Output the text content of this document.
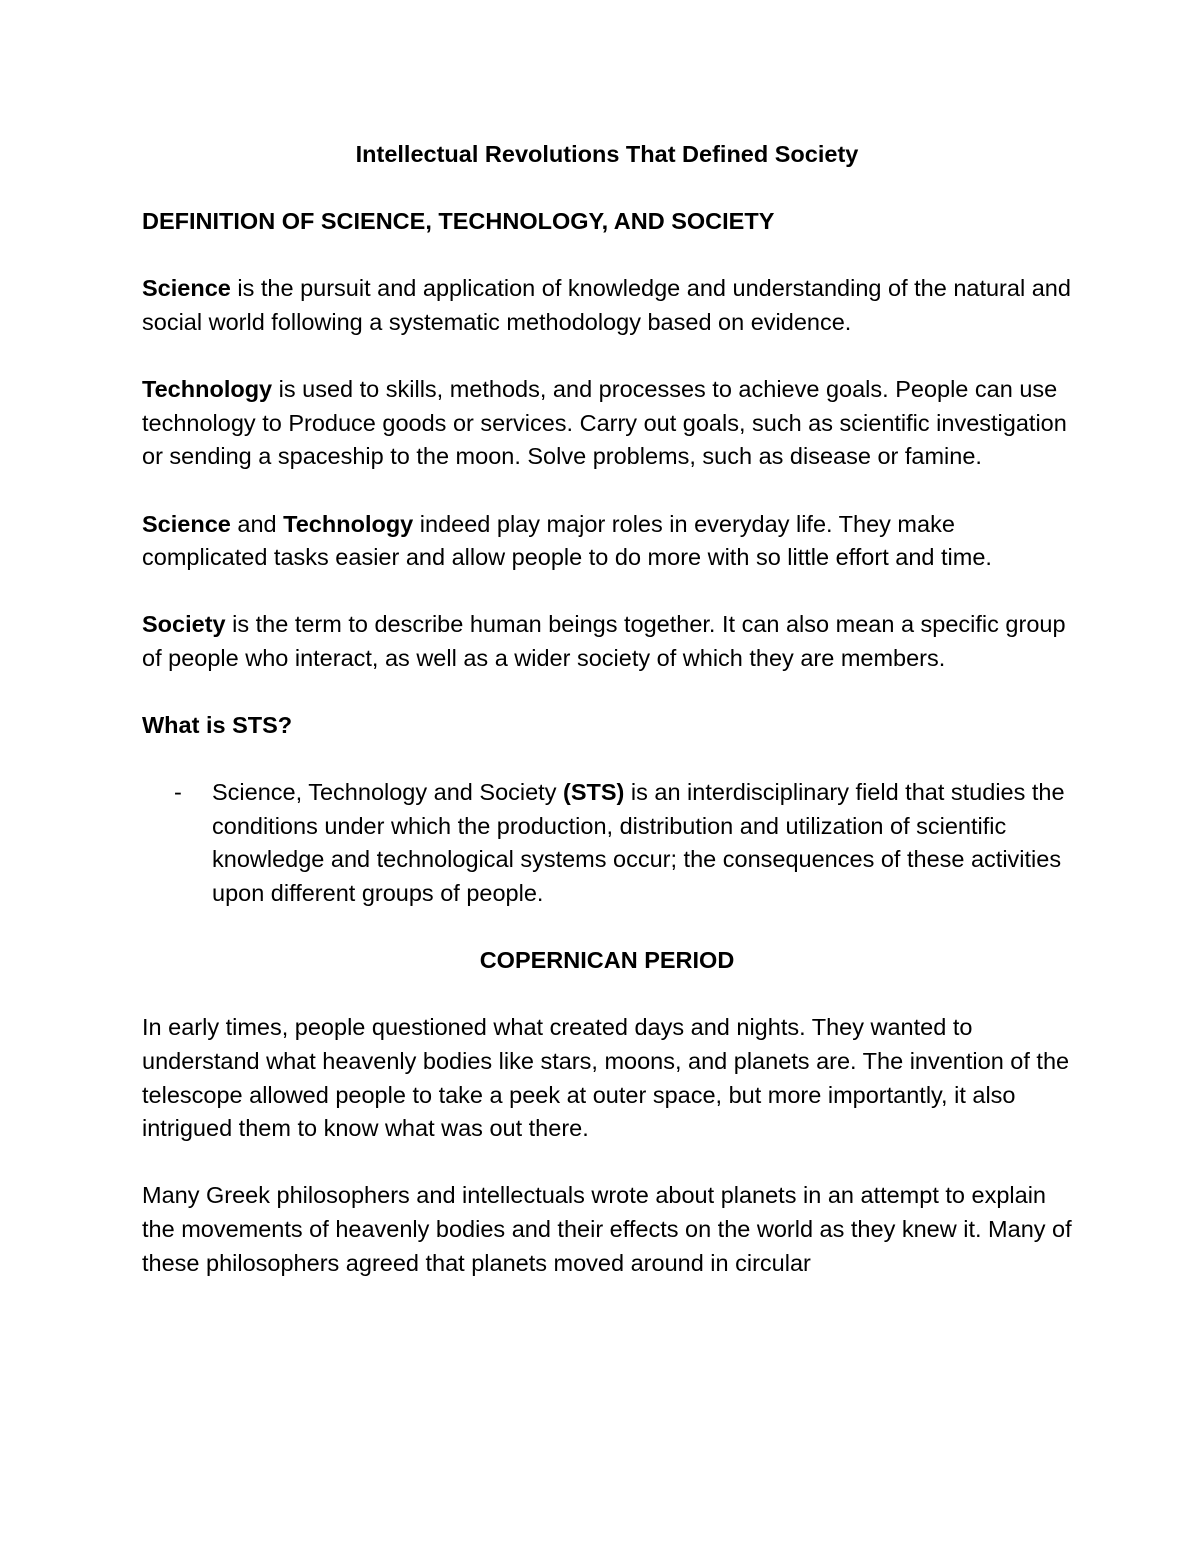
Intellectual Revolutions That Defined Society
DEFINITION OF SCIENCE, TECHNOLOGY, AND SOCIETY

Science is the pursuit and application of knowledge and understanding of the natural and social world following a systematic methodology based on evidence.

Technology is used to skills, methods, and processes to achieve goals. People can use technology to Produce goods or services. Carry out goals, such as scientific investigation or sending a spaceship to the moon. Solve problems, such as disease or famine.

Science and Technology indeed play major roles in everyday life. They make complicated tasks easier and allow people to do more with so little effort and time.

Society is the term to describe human beings together. It can also mean a specific group of people who interact, as well as a wider society of which they are members.

What is STS?

- Science, Technology and Society (STS) is an interdisciplinary field that studies the conditions under which the production, distribution and utilization of scientific knowledge and technological systems occur; the consequences of these activities upon different groups of people.

COPERNICAN PERIOD

In early times, people questioned what created days and nights. They wanted to understand what heavenly bodies like stars, moons, and planets are. The invention of the telescope allowed people to take a peek at outer space, but more importantly, it also intrigued them to know what was out there.

Many Greek philosophers and intellectuals wrote about planets in an attempt to explain the movements of heavenly bodies and their effects on the world as they knew it. Many of these philosophers agreed that planets moved around in circular
